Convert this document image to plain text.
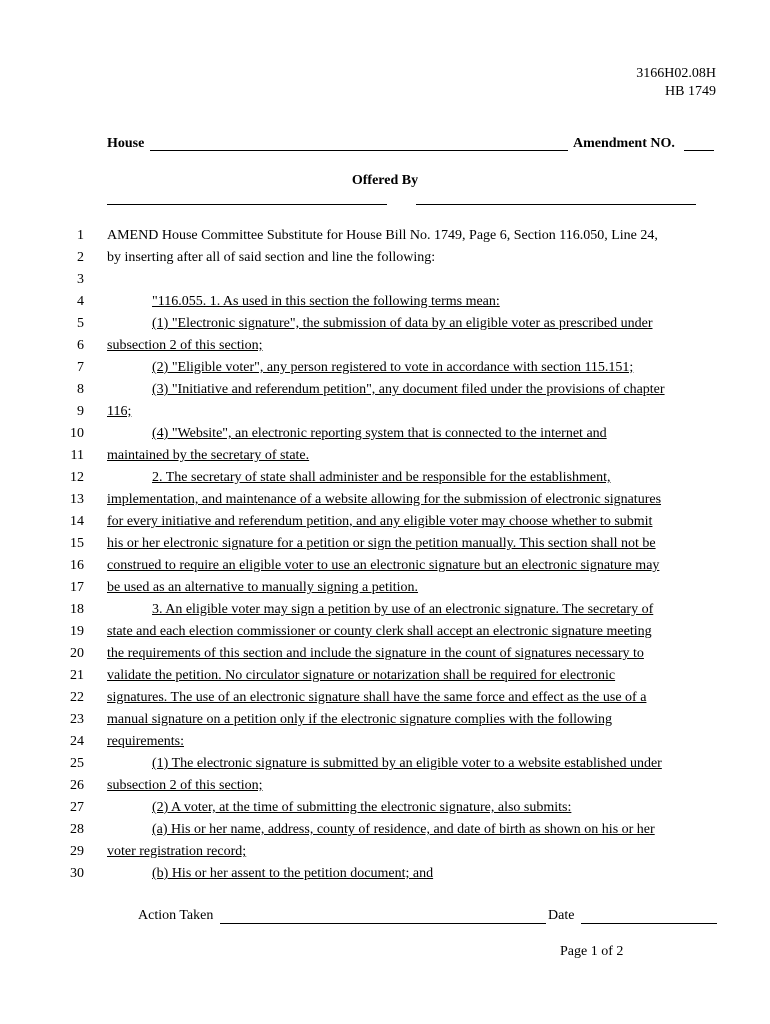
3166H02.08H
HB 1749
House	Amendment NO.
Offered By
1 AMEND House Committee Substitute for House Bill No. 1749, Page 6, Section 116.050, Line 24,
2 by inserting after all of said section and line the following:
3
4	"116.055. 1. As used in this section the following terms mean:
5	(1) "Electronic signature", the submission of data by an eligible voter as prescribed under
6 subsection 2 of this section;
7	(2) "Eligible voter", any person registered to vote in accordance with section 115.151;
8	(3) "Initiative and referendum petition", any document filed under the provisions of chapter
9 116;
10	(4) "Website", an electronic reporting system that is connected to the internet and
11 maintained by the secretary of state.
12	2. The secretary of state shall administer and be responsible for the establishment,
13 implementation, and maintenance of a website allowing for the submission of electronic signatures
14 for every initiative and referendum petition, and any eligible voter may choose whether to submit
15 his or her electronic signature for a petition or sign the petition manually. This section shall not be
16 construed to require an eligible voter to use an electronic signature but an electronic signature may
17 be used as an alternative to manually signing a petition.
18	3. An eligible voter may sign a petition by use of an electronic signature. The secretary of
19 state and each election commissioner or county clerk shall accept an electronic signature meeting
20 the requirements of this section and include the signature in the count of signatures necessary to
21 validate the petition. No circulator signature or notarization shall be required for electronic
22 signatures. The use of an electronic signature shall have the same force and effect as the use of a
23 manual signature on a petition only if the electronic signature complies with the following
24 requirements:
25	(1) The electronic signature is submitted by an eligible voter to a website established under
26 subsection 2 of this section;
27	(2) A voter, at the time of submitting the electronic signature, also submits:
28	(a) His or her name, address, county of residence, and date of birth as shown on his or her
29 voter registration record;
30	(b) His or her assent to the petition document; and
Action Taken	Date
Page 1 of 2
